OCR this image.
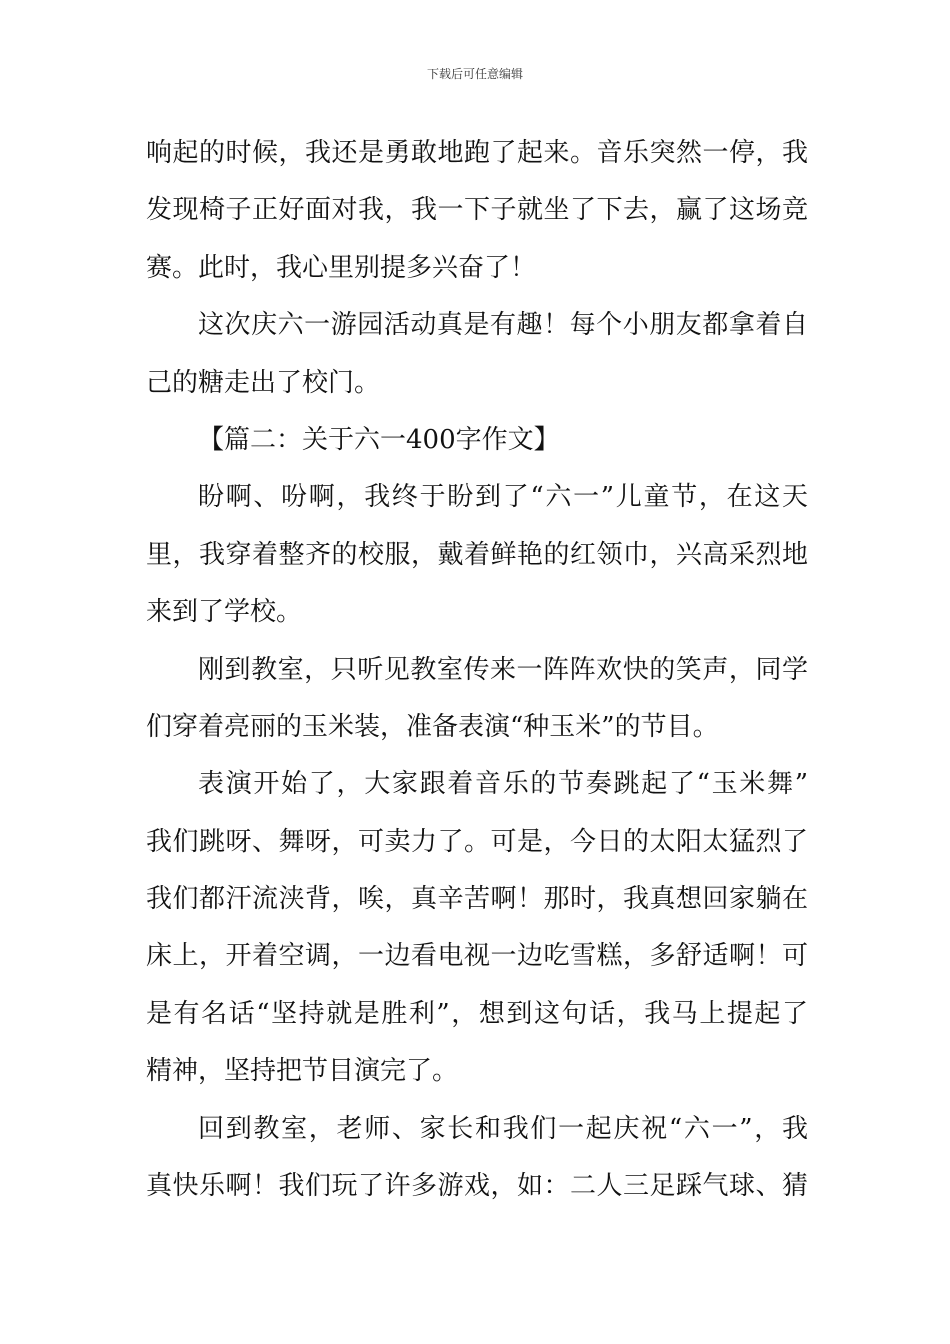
下载后可任意编辑
响起的时候，我还是勇敢地跑了起来。音乐突然一停，我
发现椅子正好面对我，我一下子就坐了下去，赢了这场竞
赛。此时，我心里别提多兴奋了！
这次庆六一游园活动真是有趣！每个小朋友都拿着自
己的糖走出了校门。
【篇二：关于六一400字作文】
盼啊、吩啊，我终于盼到了“六一”儿童节，在这天
里，我穿着整齐的校服，戴着鲜艳的红领巾，兴高采烈地
来到了学校。
刚到教室，只听见教室传来一阵阵欢快的笑声，同学
们穿着亮丽的玉米装，准备表演“种玉米”的节目。
表演开始了，大家跟着音乐的节奏跳起了“玉米舞”
我们跳呀、舞呀，可卖力了。可是，今日的太阳太猛烈了
我们都汗流浃背，唉，真辛苦啊！那时，我真想回家躺在
床上，开着空调，一边看电视一边吃雪糕，多舒适啊！可
是有名话“坚持就是胜利”，想到这句话，我马上提起了
精神，坚持把节目演完了。
回到教室，老师、家长和我们一起庆祝“六一”，我
真快乐啊！我们玩了许多游戏，如：二人三足踩气球、猜
